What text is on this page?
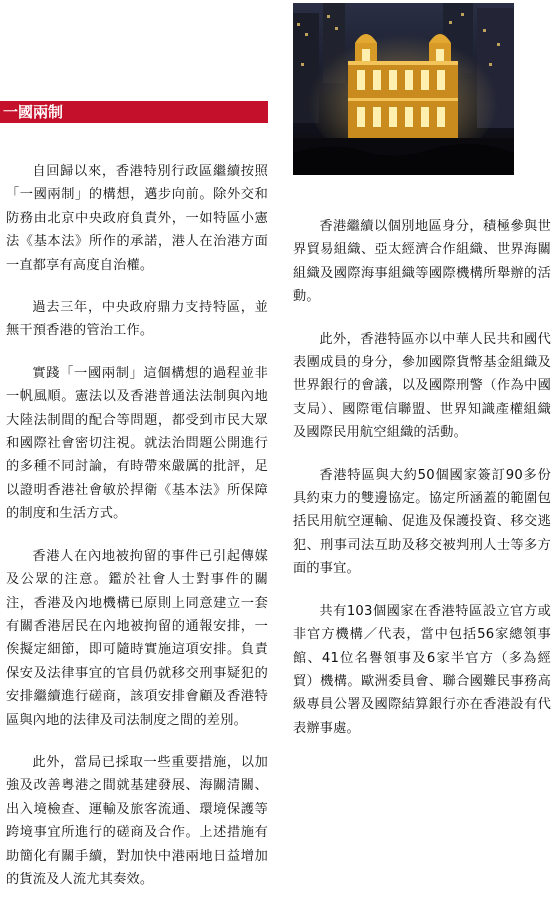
一國兩制

自回歸以來，香港特別行政區繼續按照「一國兩制」的構想，邁步向前。除外交和防務由北京中央政府負責外，一如特區小憲法《基本法》所作的承諾，港人在治港方面一直都享有高度自治權。

過去三年，中央政府鼎力支持特區，並無干預香港的管治工作。

實踐「一國兩制」這個構想的過程並非一帆風順。憲法以及香港普通法法制與內地大陸法制間的配合等問題，都受到市民大眾和國際社會密切注視。就法治問題公開進行的多種不同討論，有時帶來嚴厲的批評，足以證明香港社會敏於捍衛《基本法》所保障的制度和生活方式。

香港人在內地被拘留的事件已引起傳媒及公眾的注意。鑑於社會人士對事件的關注，香港及內地機構已原則上同意建立一套有關香港居民在內地被拘留的通報安排，一俟擬定細節，即可隨時實施這項安排。負責保安及法律事宜的官員仍就移交刑事疑犯的安排繼續進行磋商，該項安排會顧及香港特區與內地的法律及司法制度之間的差別。

此外，當局已採取一些重要措施，以加強及改善粵港之間就基建發展、海關清關、出入境檢查、運輸及旅客流通、環境保護等跨境事宜所進行的磋商及合作。上述措施有助簡化有關手續，對加快中港兩地日益增加的貨流及人流尤其奏效。

香港繼續以個別地區身分，積極參與世界貿易組織、亞太經濟合作組織、世界海關組織及國際海事組織等國際機構所舉辦的活動。

此外，香港特區亦以中華人民共和國代表團成員的身分，參加國際貨幣基金組織及世界銀行的會議，以及國際刑警（作為中國支局）、國際電信聯盟、世界知識產權組織及國際民用航空組織的活動。

香港特區與大約50個國家簽訂90多份具約束力的雙邊協定。協定所涵蓋的範圍包括民用航空運輸、促進及保護投資、移交逃犯、刑事司法互助及移交被判刑人士等多方面的事宜。

共有103個國家在香港特區設立官方或非官方機構／代表，當中包括56家總領事館、41位名譽領事及6家半官方（多為經貿）機構。歐洲委員會、聯合國難民事務高級專員公署及國際結算銀行亦在香港設有代表辦事處。
